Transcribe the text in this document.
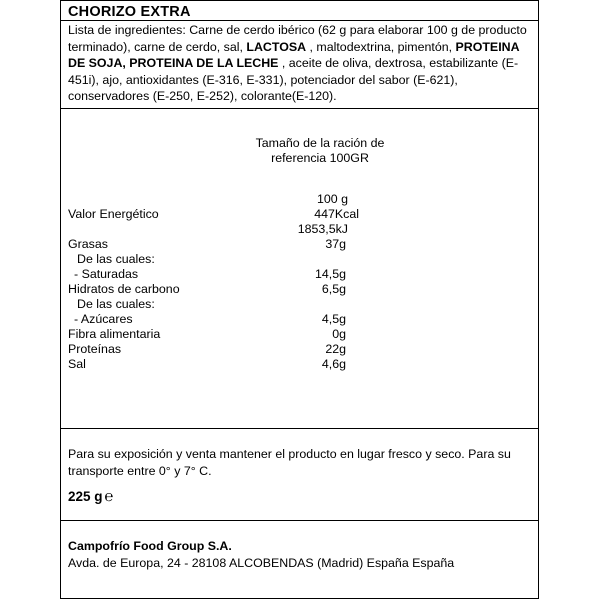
CHORIZO EXTRA
Lista de ingredientes: Carne de cerdo ibérico (62 g para elaborar 100 g de producto terminado), carne de cerdo, sal, LACTOSA , maltodextrina, pimentón, PROTEINA DE SOJA, PROTEINA DE LA LECHE , aceite de oliva, dextrosa, estabilizante (E-451i), ajo, antioxidantes (E-316, E-331), potenciador del sabor (E-621), conservadores (E-250, E-252), colorante(E-120).
Tamaño de la ración de referencia 100GR
100 g
Valor Energético	447Kcal
1853,5kJ
Grasas	37g
De las cuales:
- Saturadas	14,5g
Hidratos de carbono	6,5g
De las cuales:
- Azúcares	4,5g
Fibra alimentaria	0g
Proteínas	22g
Sal	4,6g
Para su exposición y venta mantener el producto en lugar fresco y seco. Para su transporte entre 0° y 7° C.
225 g ℮
Campofrío Food Group S.A.
Avda. de Europa, 24 - 28108 ALCOBENDAS (Madrid) España España
